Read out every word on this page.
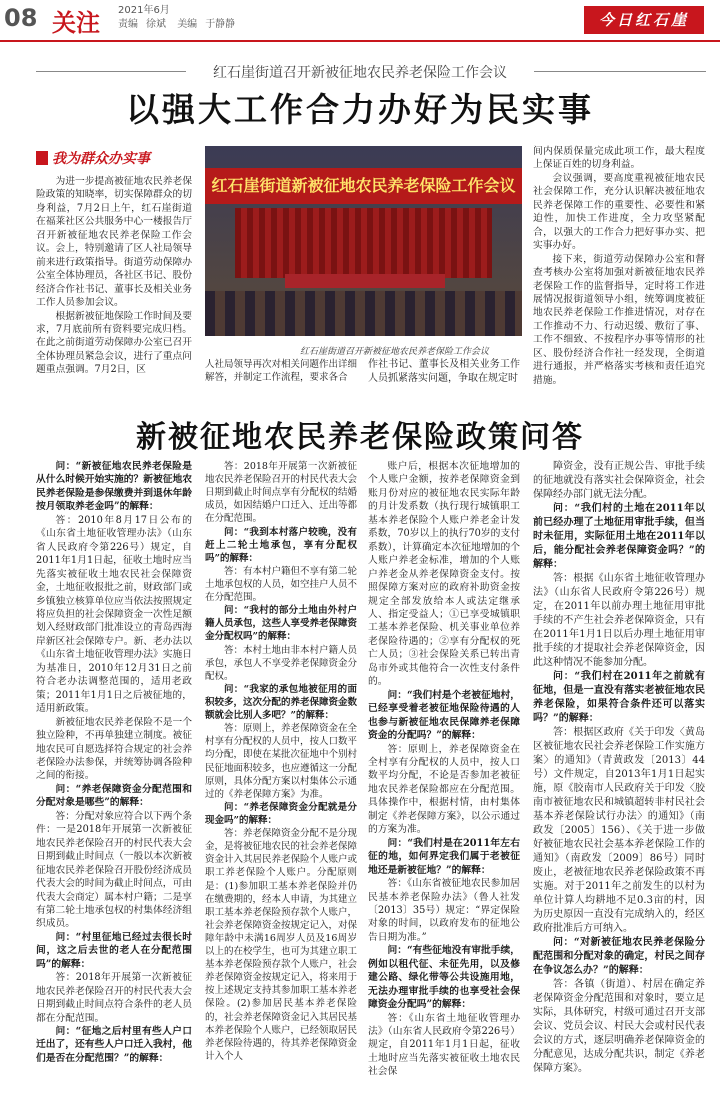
08 关注 2021年6月
责编 徐斌 美编 于静静	今日红石崖
红石崖街道召开新被征地农民养老保险工作会议
以强大工作合力办好为民实事
我为群众办实事

为进一步提高被征地农民养老保险政策的知晓率，切实保障群众的切身利益，7月2日上午，红石崖街道在福莱社区公共服务中心一楼报告厅召开新被征地农民养老保险工作会议。会上，特别邀请了区人社局领导前来进行政策指导。街道劳动保障办公室全体协理员，各社区书记、股份经济合作社书记、董事长及相关业务工作人员参加会议。

根据新被征地保险工作时间及要求，7月底前所有资料要完成归档。在此之前街道劳动保障办公室已召开全体协理员紧急会议，进行了重点问题重点强调。7月2日，区

红石崖街道新被征地农民养老保险工作会议
红石崖街道召开新被征地农民养老保险工作会议

人社局领导再次对相关问题作出详细解答，并制定工作流程，要求各合

作社书记、董事长及相关业务工作人员抓紧落实问题，争取在规定时

间内保质保量完成此项工作，最大程度上保证百姓的切身利益。

会议强调，要高度重视被征地农民社会保障工作，充分认识解决被征地农民养老保障工作的重要性、必要性和紧迫性，加快工作进度，全力攻坚紧配合，以强大的工作合力把好事办实、把实事办好。

接下来，街道劳动保障办公室和督查考核办公室将加强对新被征地农民养老保险工作的监督指导，定时将工作进展情况报街道领导小组，统筹调度被征地农民养老保险工作推进情况，对存在工作推动不力、行动迟缓、敷衍了事、工作不细致、不按程序办事等情形的社区、股份经济合作社一经发现，全街道进行通报，并严格落实考核和责任追究措施。

新被征地农民养老保险政策问答

问：“新被征地农民养老保险是从什么时候开始实施的？新被征地农民养老保险是参保缴费并到退休年龄按月领取养老金吗”的解释：

答：2010年8月17日公布的《山东省土地征收管理办法》（山东省人民政府令第226号）规定，自2011年1月1日起，征收土地时应当先落实被征收土地农民社会保障资金，土地征收报批之前，财政部门或乡镇独立核算单位应当依法按照规定将应负担的社会保障资金一次性足额划入经财政部门批准设立的青岛西海岸新区社会保障专户。新、老办法以《山东省土地征收管理办法》实施日为基准日，2010年12月31日之前符合老办法调整范围的，适用老政策；2011年1月1日之后被征地的，适用新政策。

新被征地农民养老保险不是一个独立险种，不再单独建立制度。被征地农民可自愿选择符合规定的社会养老保险办法参保，并统筹协调各险种之间的衔接。

问：“养老保障资金分配范围和分配对象是哪些”的解释：

答：分配对象应符合以下两个条件：一是2018年开展第一次新被征地农民养老保险召开的村民代表大会日期到截止时间点（一般以本次新被征地农民养老保险召开股份经济成员代表大会的时间为截止时间点，可由代表大会商定）属本村户籍；二是享有第二轮土地承包权的村集体经济组织成员。

问：“村里征地已经过去很长时间，这之后去世的老人在分配范围吗”的解释：

答：2018年开展第一次新被征地农民养老保险召开的村民代表大会日期到截止时间点符合条件的老人员都在分配范围。

问：“征地之后村里有些人户口迁出了，还有些人户口迁入我村，他们是否在分配范围？”的解释：

答：2018年开展第一次新被征地农民养老保险召开的村民代表大会日期到截止时间点享有分配权的结婚成员，如因结婚户口迁入、迁出等都在分配范围。

问：“我到本村落户较晚，没有赶上二轮土地承包，享有分配权吗”的解释：

答：有本村户籍但不享有第二轮土地承包权的人员，如空挂户人员不在分配范围。

问：“我村的部分土地由外村户籍人员承包，这些人享受养老保障资金分配权吗”的解释：

答：本村土地由非本村户籍人员承包，承包人不享受养老保障资金分配权。

问：“我家的承包地被征用的面积较多，这次分配的养老保障资金数额就会比别人多吧？”的解释：

答：原则上，养老保障资金在全村享有分配权的人员中，按人口数平均分配，即使在某批次征地中个别村民征地面积较多，也应遵循这一分配原则，具体分配方案以村集体公示通过的《养老保障方案》为准。

问：“养老保障资金分配就是分现金吗”的解释：

答：养老保障资金分配不是分现金，是将被征地农民的社会养老保障资金计入其居民养老保险个人账户或职工养老保险个人账户。分配原则是：(1)参加职工基本养老保险并仍在缴费期的，经本人申请，为其建立职工基本养老保险预存款个人账户，社会养老保障资金按规定记入，对保障年龄中未满16周岁人员及16周岁以上的在校学生，也可为其建立职工基本养老保险预存款个人账户，社会养老保障资金按规定记入，将来用于按上述规定支持其参加职工基本养老保险。(2)参加居民基本养老保险的，社会养老保障资金记入其居民基本养老保险个人账户，已经领取居民养老保险待遇的，待其养老保障资金计入个人

账户后，根据本次征地增加的个人账户金额，按养老保障资金到账月份对应的被征地农民实际年龄的月计发系数（执行现行城镇职工基本养老保险个人账户养老金计发系数，70岁以上的执行70岁的支付系数），计算确定本次征地增加的个人账户养老金标准，增加的个人账户养老金从养老保障资金支付。按照保障方案对应的政府补助资金按规定全部发放给本人或法定继承人、指定受益人；①已享受城镇职工基本养老保险、机关事业单位养老保险待遇的；②享有分配权的死亡人员；③社会保险关系已转出青岛市外或其他符合一次性支付条件的。

问：“我们村是个老被征地村，已经享受着老被征地保险待遇的人也参与新被征地农民保障养老保障资金的分配吗？”的解释：

答：原则上，养老保障资金在全村享有分配权的人员中，按人口数平均分配，不论是否参加老被征地农民养老保险都应在分配范围。具体操作中，根据村情，由村集体制定《养老保障方案》，以公示通过的方案为准。

问：“我们村是在2011年左右征的地，如何界定我们属于老被征地还是新被征地？”的解释：

答：《山东省被征地农民参加居民基本养老保险办法》（鲁人社发〔2013〕35号）规定：“界定保险对象的时间，以政府发布的征地公告日期为准。”

问：“有些征地没有审批手续，例如以租代征、未征先用，以及修建公路、绿化带等公共设施用地，无法办理审批手续的也享受社会保障资金分配吗”的解释：

答：《山东省土地征收管理办法》（山东省人民政府令第226号）规定，自2011年1月1日起，征收土地时应当先落实被征收土地农民社会保

障资金，没有正规公告、审批手续的征地就没有落实社会保障资金，社会保障经办部门就无法分配。

问：“我们村的土地在2011年以前已经办理了土地征用审批手续，但当时未征用，实际征用土地在2011年以后，能分配社会养老保障资金吗？”的解释：

答：根据《山东省土地征收管理办法》（山东省人民政府令第226号）规定，在2011年以前办理土地征用审批手续的不产生社会养老保障资金，只有在2011年1月1日以后办理土地征用审批手续的才提取社会养老保障资金，因此这种情况不能参加分配。

问：“我们村在2011年之前就有征地，但是一直没有落实老被征地农民养老保险，如果符合条件还可以落实吗？”的解释：

答：根据区政府《关于印发〈黄岛区被征地农民社会养老保险工作实施方案〉的通知》（青黄政发〔2013〕44号）文件规定，自2013年1月1日起实施，原《胶南市人民政府关于印发〈胶南市被征地农民和城镇超转非村民社会基本养老保险试行办法〉的通知》（南政发〔2005〕156）、《关于进一步做好被征地农民社会基本养老保险工作的通知》（南政发〔2009〕86号）同时废止，老被征地农民养老保险政策不再实施。对于2011年之前发生的以村为单位计算人均耕地不足0.3亩的村，因为历史原因一直没有完成纳入的，经区政府批准后方可纳入。

问：“对新被征地农民养老保险分配范围和分配对象的确定，村民之间存在争议怎么办？”的解释：

答：各镇（街道）、村居在确定养老保障资金分配范围和对象时，要立足实际，具体研究，村级可通过召开支部会议、党员会议、村民大会或村民代表会议的方式，逐层明确养老保障资金的分配意见，达成分配共识，制定《养老保障方案》。
